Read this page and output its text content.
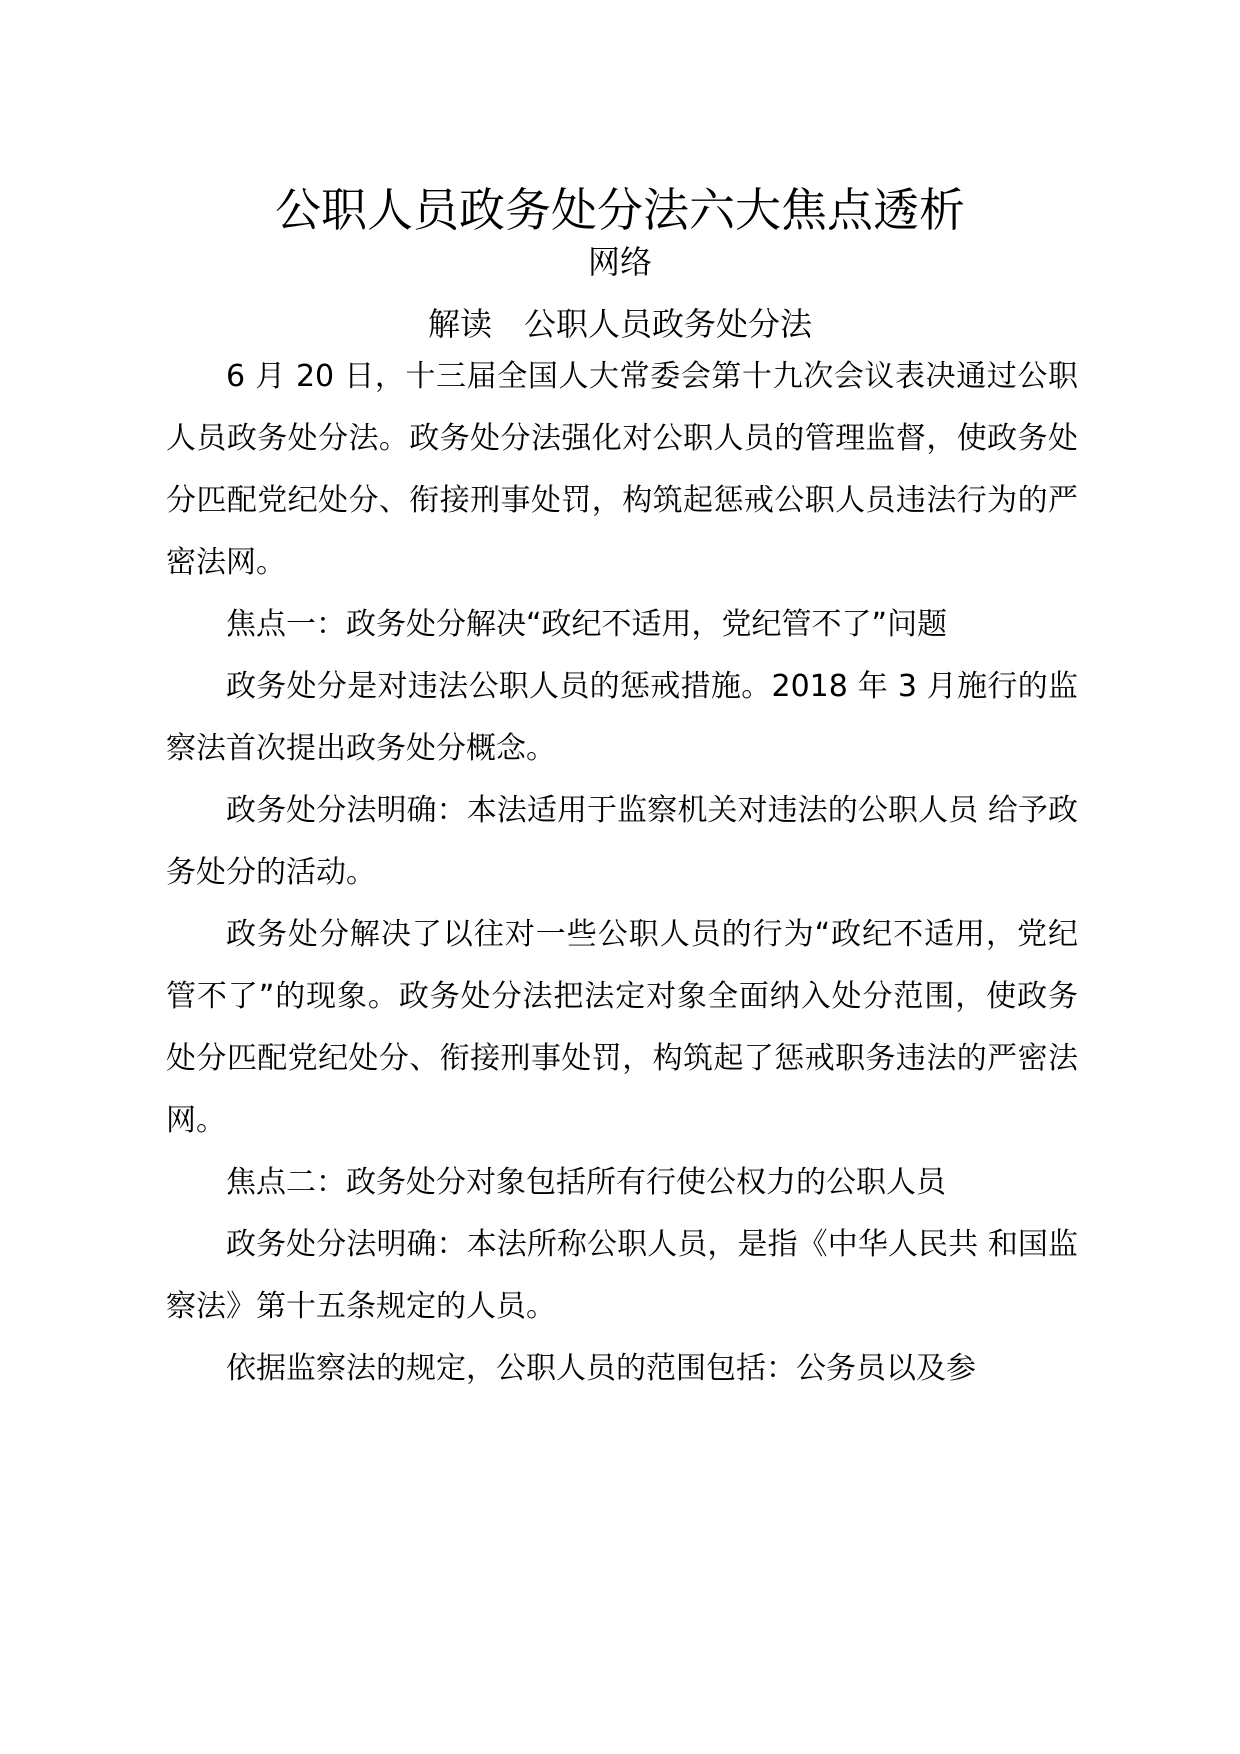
公职人员政务处分法六大焦点透析
网络
解读　公职人员政务处分法

6 月 20 日，十三届全国人大常委会第十九次会议表决通过公职人员政务处分法。政务处分法强化对公职人员的管理监督，使政务处分匹配党纪处分、衔接刑事处罚，构筑起惩戒公职人员违法行为的严密法网。

焦点一：政务处分解决“政纪不适用，党纪管不了”问题

政务处分是对违法公职人员的惩戒措施。2018 年 3 月施行的监察法首次提出政务处分概念。

政务处分法明确：本法适用于监察机关对违法的公职人员 给予政务处分的活动。

政务处分解决了以往对一些公职人员的行为“政纪不适用，党纪管不了”的现象。政务处分法把法定对象全面纳入处分范围，使政务处分匹配党纪处分、衔接刑事处罚，构筑起了惩戒职务违法的严密法网。

焦点二：政务处分对象包括所有行使公权力的公职人员

政务处分法明确：本法所称公职人员，是指《中华人民共 和国监察法》第十五条规定的人员。

依据监察法的规定，公职人员的范围包括：公务员以及参
